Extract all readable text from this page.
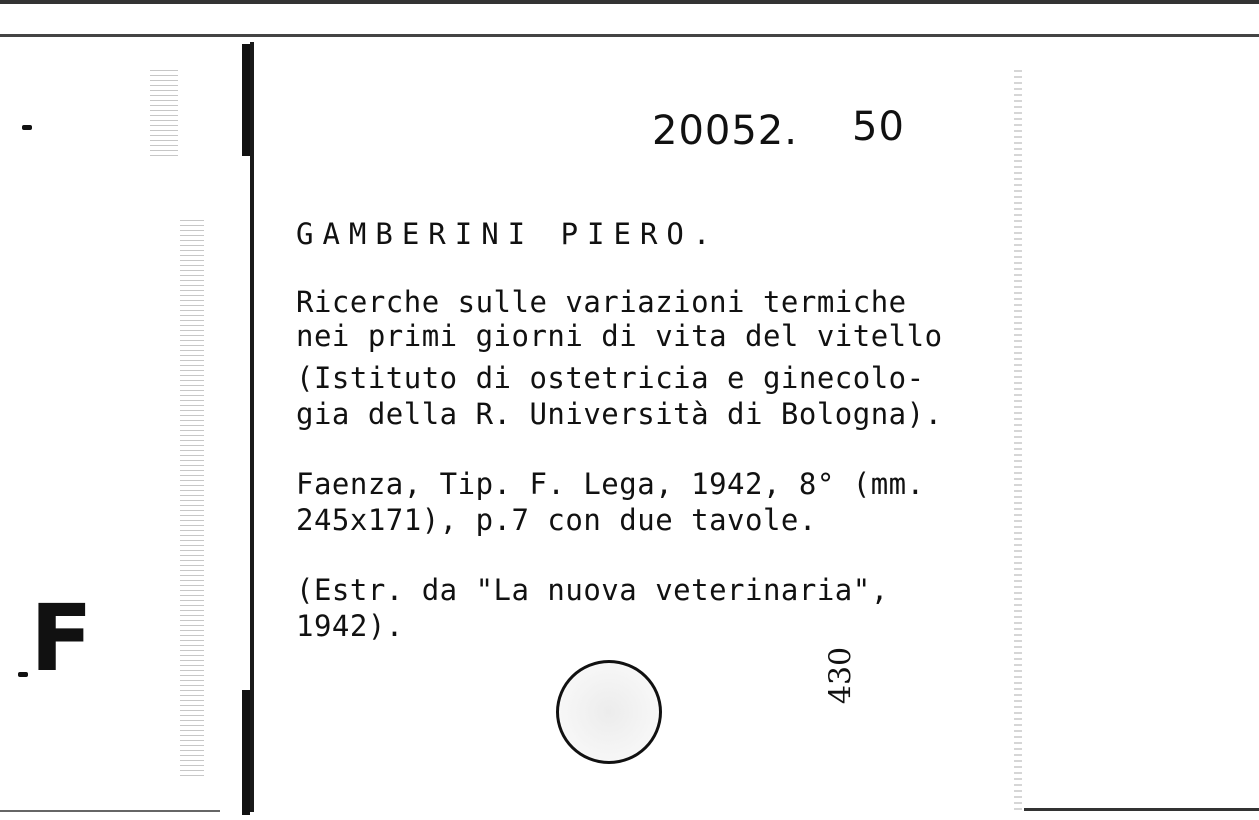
20052. 50
GAMBERINI PIERO.
Ricerche sulle variazioni termiche
nei primi giorni di vita del vitello
(Istituto di ostetricia e ginecolo-
gia della R. Università di Bologna).
Faenza, Tip. F. Lega, 1942, 8° (mm.
245x171), p.7 con due tavole.
(Estr. da "La nuova veterinaria",
1942).
430
F
